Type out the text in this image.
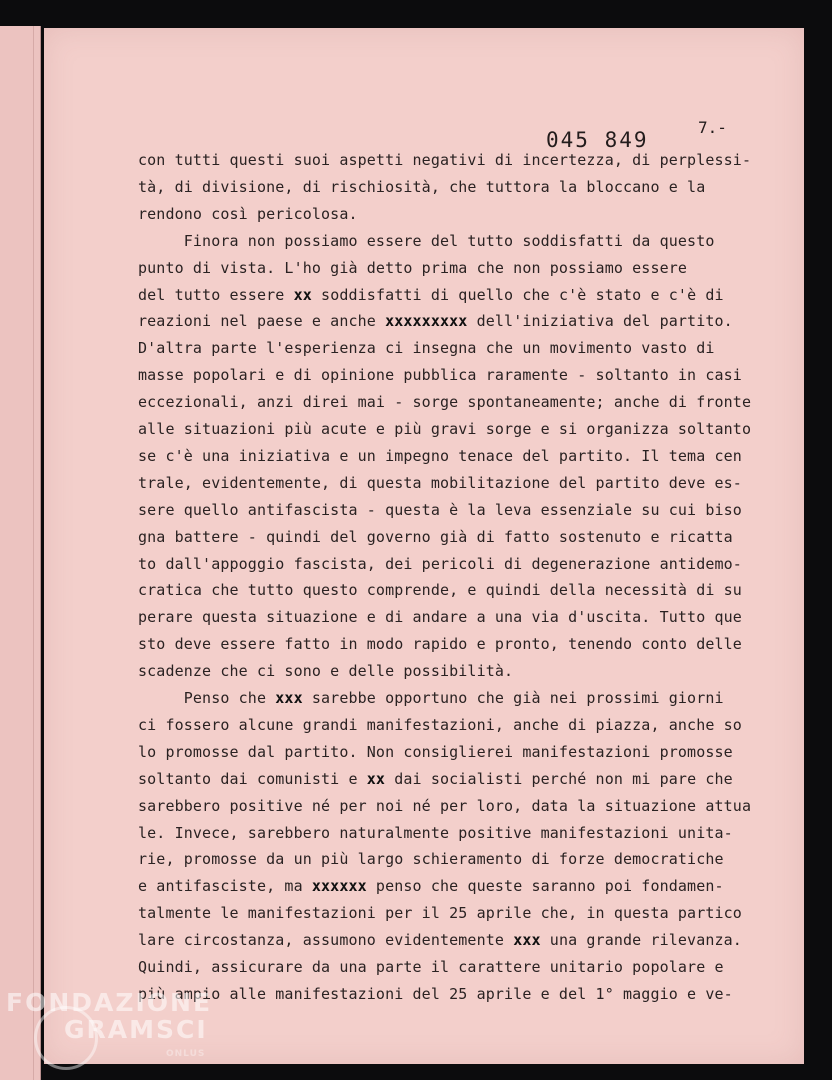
045 849
7.-
con tutti questi suoi aspetti negativi di incertezza, di perplessi-
tà, di divisione, di rischiosità, che tuttora la bloccano e la
rendono così pericolosa.
Finora non possiamo essere del tutto soddisfatti da questo
punto di vista. L'ho già detto prima che non possiamo essere
del tutto essere xx soddisfatti di quello che c'è stato e c'è di
reazioni nel paese e anche xxxxxxxxx dell'iniziativa del partito.
D'altra parte l'esperienza ci insegna che un movimento vasto di
masse popolari e di opinione pubblica raramente - soltanto in casi
eccezionali, anzi direi mai - sorge spontaneamente; anche di fronte
alle situazioni più acute e più gravi sorge e si organizza soltanto
se c'è una iniziativa e un impegno tenace del partito. Il tema cen
trale, evidentemente, di questa mobilitazione del partito deve es-
sere quello antifascista - questa è la leva essenziale su cui biso
gna battere - quindi del governo già di fatto sostenuto e ricatta
to dall'appoggio fascista, dei pericoli di degenerazione antidemo-
cratica che tutto questo comprende, e quindi della necessità di su
perare questa situazione e di andare a una via d'uscita. Tutto que
sto deve essere fatto in modo rapido e pronto, tenendo conto delle
scadenze che ci sono e delle possibilità.
Penso che xxx sarebbe opportuno che già nei prossimi giorni
ci fossero alcune grandi manifestazioni, anche di piazza, anche so
lo promosse dal partito. Non consiglierei manifestazioni promosse
soltanto dai comunisti e xx dai socialisti perché non mi pare che
sarebbero positive né per noi né per loro, data la situazione attua
le. Invece, sarebbero naturalmente positive manifestazioni unita-
rie, promosse da un più largo schieramento di forze democratiche
e antifasciste, ma xxxxxx penso che queste saranno poi fondamen-
talmente le manifestazioni per il 25 aprile che, in questa partico
lare circostanza, assumono evidentemente xxx una grande rilevanza.
Quindi, assicurare da una parte il carattere unitario popolare e
più ampio alle manifestazioni del 25 aprile e del 1° maggio e ve-
FONDAZIONE
GRAMSCI
ONLUS
